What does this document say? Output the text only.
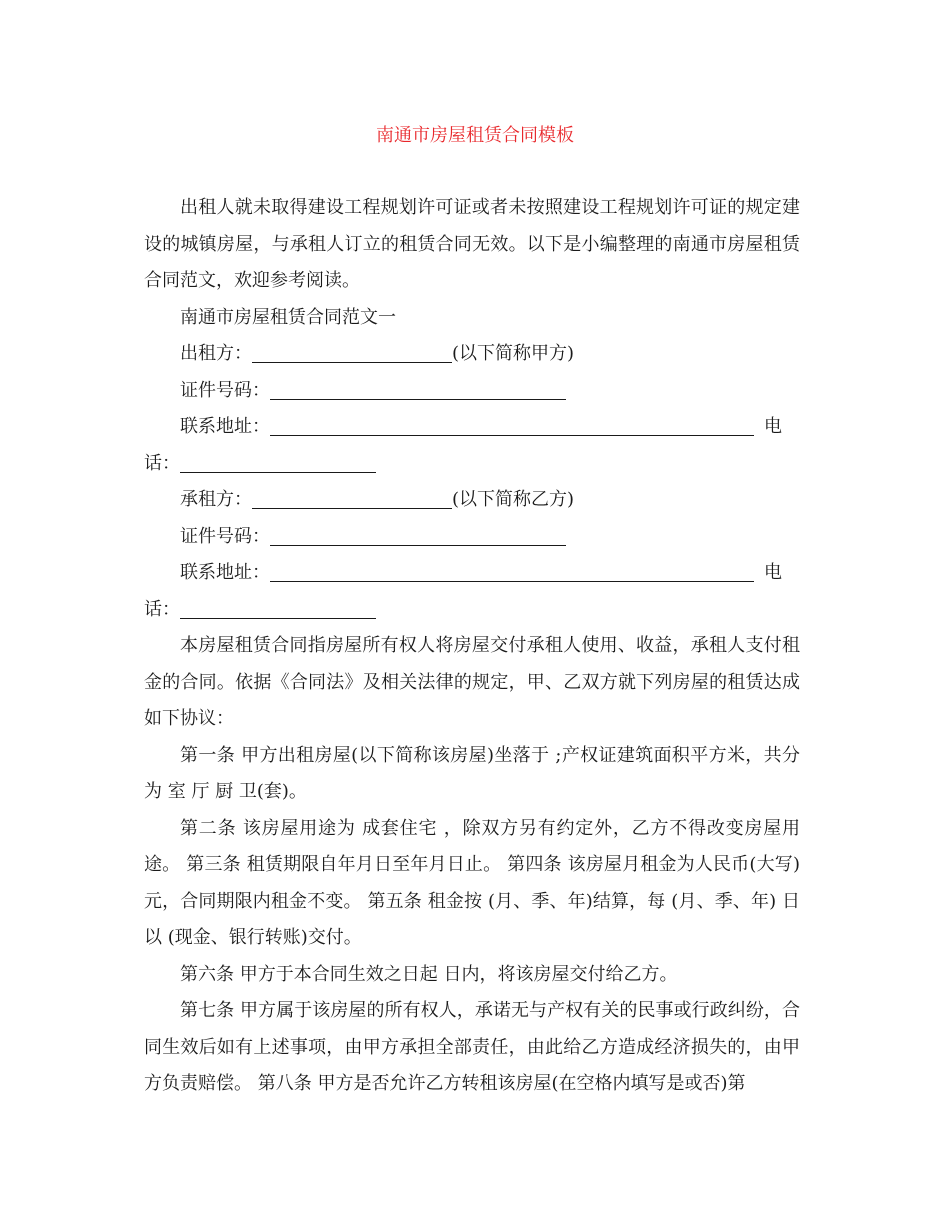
南通市房屋租赁合同模板

出租人就未取得建设工程规划许可证或者未按照建设工程规划许可证的规定建设的城镇房屋，与承租人订立的租赁合同无效。以下是小编整理的南通市房屋租赁合同范文，欢迎参考阅读。

南通市房屋租赁合同范文一

出租方：	(以下简称甲方)

证件号码：

联系地址：	电

话：

承租方：	(以下简称乙方)

证件号码：

联系地址：	电

话：

本房屋租赁合同指房屋所有权人将房屋交付承租人使用、收益，承租人支付租金的合同。依据《合同法》及相关法律的规定，甲、乙双方就下列房屋的租赁达成如下协议：

第一条 甲方出租房屋(以下简称该房屋)坐落于 ;产权证建筑面积平方米，共分为 室 厅 厨 卫(套)。

第二条 该房屋用途为 成套住宅 ，除双方另有约定外，乙方不得改变房屋用途。 第三条 租赁期限自年月日至年月日止。 第四条 该房屋月租金为人民币(大写) 元，合同期限内租金不变。 第五条 租金按 (月、季、年)结算，每 (月、季、年) 日以 (现金、银行转账)交付。

第六条 甲方于本合同生效之日起 日内，将该房屋交付给乙方。

第七条 甲方属于该房屋的所有权人，承诺无与产权有关的民事或行政纠纷，合同生效后如有上述事项，由甲方承担全部责任，由此给乙方造成经济损失的，由甲方负责赔偿。 第八条 甲方是否允许乙方转租该房屋(在空格内填写是或否)第
